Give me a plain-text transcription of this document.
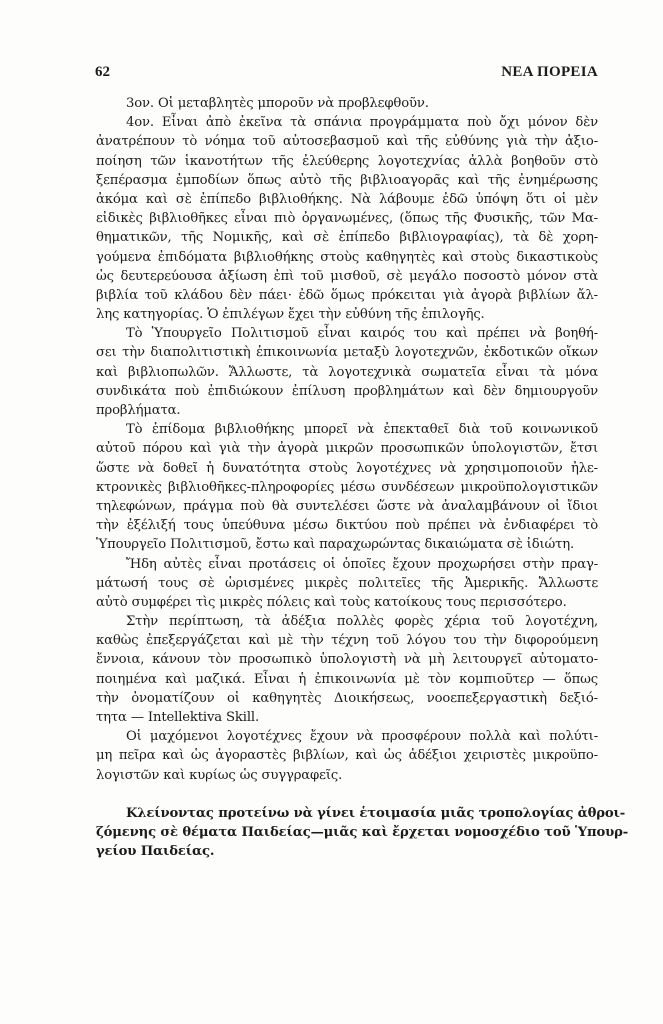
62	ΝΕΑ ΠΟΡΕΙΑ
3ον. Οἱ μεταβλητὲς μποροῦν νὰ προβλεφθοῦν.
4ον. Εἶναι ἀπὸ ἐκεῖνα τὰ σπάνια προγράμματα ποὺ ὄχι μόνον δὲν
ἀνατρέπουν τὸ νόημα τοῦ αὐτοσεβασμοῦ καὶ τῆς εὐθύνης γιὰ τὴν ἀξιο-
ποίηση τῶν ἱκανοτήτων τῆς ἐλεύθερης λογοτεχνίας ἀλλὰ βοηθοῦν στὸ
ξεπέρασμα ἐμποδίων ὅπως αὐτὸ τῆς βιβλιοαγορᾶς καὶ τῆς ἐνημέρωσης
ἀκόμα καὶ σὲ ἐπίπεδο βιβλιοθήκης. Νὰ λάβουμε ἐδῶ ὑπόψη ὅτι οἱ μὲν
εἰδικὲς βιβλιοθῆκες εἶναι πιὸ ὀργανωμένες, (ὅπως τῆς Φυσικῆς, τῶν Μα-
θηματικῶν, τῆς Νομικῆς, καὶ σὲ ἐπίπεδο βιβλιογραφίας), τὰ δὲ χορη-
γούμενα ἐπιδόματα βιβλιοθήκης στοὺς καθηγητὲς καὶ στοὺς δικαστικοὺς
ὡς δευτερεύουσα ἀξίωση ἐπὶ τοῦ μισθοῦ, σὲ μεγάλο ποσοστὸ μόνον στὰ
βιβλία τοῦ κλάδου δὲν πάει· ἐδῶ ὅμως πρόκειται γιὰ ἀγορὰ βιβλίων ἄλ-
λης κατηγορίας. Ὁ ἐπιλέγων ἔχει τὴν εὐθύνη τῆς ἐπιλογῆς.
Τὸ Ὑπουργεῖο Πολιτισμοῦ εἶναι καιρός του καὶ πρέπει νὰ βοηθή-
σει τὴν διαπολιτιστικὴ ἐπικοινωνία μεταξὺ λογοτεχνῶν, ἐκδοτικῶν οἴκων
καὶ βιβλιοπωλῶν. Ἄλλωστε, τὰ λογοτεχνικὰ σωματεῖα εἶναι τὰ μόνα
συνδικάτα ποὺ ἐπιδιώκουν ἐπίλυση προβλημάτων καὶ δὲν δημιουργοῦν
προβλήματα.
Τὸ ἐπίδομα βιβλιοθήκης μπορεῖ νὰ ἐπεκταθεῖ διὰ τοῦ κοινωνικοῦ
αὐτοῦ πόρου καὶ γιὰ τὴν ἀγορὰ μικρῶν προσωπικῶν ὑπολογιστῶν, ἔτσι
ὥστε νὰ δοθεῖ ἡ δυνατότητα στοὺς λογοτέχνες νὰ χρησιμοποιοῦν ἠλε-
κτρονικὲς βιβλιοθῆκες-πληροφορίες μέσω συνδέσεων μικροϋπολογιστικῶν
τηλεφώνων, πράγμα ποὺ θὰ συντελέσει ὥστε νὰ ἀναλαμβάνουν οἱ ἴδιοι
τὴν ἐξέλιξή τους ὑπεύθυνα μέσω δικτύου ποὺ πρέπει νὰ ἐνδιαφέρει τὸ
Ὑπουργεῖο Πολιτισμοῦ, ἔστω καὶ παραχωρώντας δικαιώματα σὲ ἰδιώτη.
Ἤδη αὐτὲς εἶναι προτάσεις οἱ ὁποῖες ἔχουν προχωρήσει στὴν πραγ-
μάτωσή τους σὲ ὡρισμένες μικρὲς πολιτεῖες τῆς Ἀμερικῆς. Ἄλλωστε
αὐτὸ συμφέρει τὶς μικρὲς πόλεις καὶ τοὺς κατοίκους τους περισσότερο.
Στὴν περίπτωση, τὰ ἀδέξια πολλὲς φορὲς χέρια τοῦ λογοτέχνη,
καθὼς ἐπεξεργάζεται καὶ μὲ τὴν τέχνη τοῦ λόγου του τὴν διφορούμενη
ἔννοια, κάνουν τὸν προσωπικὸ ὑπολογιστὴ νὰ μὴ λειτουργεῖ αὐτοματο-
ποιημένα καὶ μαζικά. Εἶναι ἡ ἐπικοινωνία μὲ τὸν κομπιοῦτερ — ὅπως
τὴν ὀνοματίζουν οἱ καθηγητὲς Διοικήσεως, νοοεπεξεργαστικὴ δεξιό-
τητα — Intellektiva Skill.
Οἱ μαχόμενοι λογοτέχνες ἔχουν νὰ προσφέρουν πολλὰ καὶ πολύτι-
μη πεῖρα καὶ ὡς ἀγοραστὲς βιβλίων, καὶ ὡς ἀδέξιοι χειριστὲς μικροϋπο-
λογιστῶν καὶ κυρίως ὡς συγγραφεῖς.
Κλείνοντας προτείνω νὰ γίνει ἑτοιμασία μιᾶς τροπολογίας ἀθροι-
ζόμενης σὲ θέματα Παιδείας—μιᾶς καὶ ἔρχεται νομοσχέδιο τοῦ Ὑπουρ-
γείου Παιδείας.
